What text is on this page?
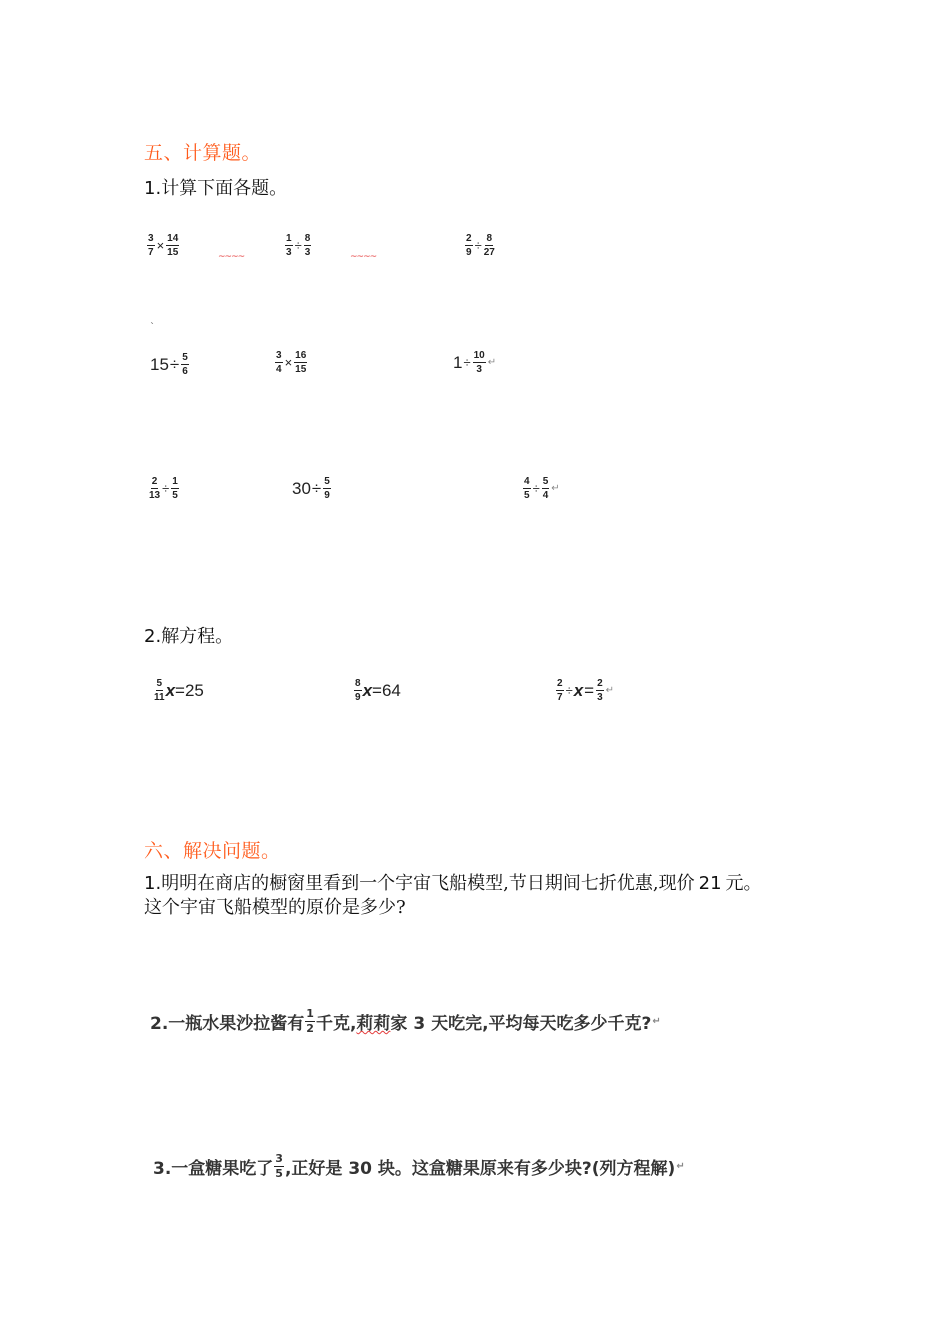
五、计算题。
1.计算下面各题。
$\frac{3}{7} \times \frac{14}{15}$	~~~~	$\frac{1}{3} \div \frac{8}{3}$	~~~~	$\frac{2}{9} \div \frac{8}{27}$
`
$15 \div \frac{5}{6}$	$\frac{3}{4} \times \frac{16}{15}$	$1 \div \frac{10}{3}$ ↵
$\frac{2}{13} \div \frac{1}{5}$	$30 \div \frac{5}{9}$	$\frac{4}{5} \div \frac{5}{4}$ ↵
2.解方程。
$\frac{5}{11}$ x =25	$\frac{8}{9}$ x =64	$\frac{2}{7} \div x = \frac{2}{3}$ ↵
六、解决问题。
1.明明在商店的橱窗里看到一个宇宙飞船模型,节日期间七折优惠,现价 21 元。
这个宇宙飞船模型的原价是多少?
2.一瓶水果沙拉酱有 $\frac{1}{2}$ 千克, 莉莉 家 3 天吃完,平均每天吃多少千克? ↵
3.一盒糖果吃了 $\frac{3}{5}$ ,正好是 30 块。这盒糖果原来有多少块?(列方程解) ↵
